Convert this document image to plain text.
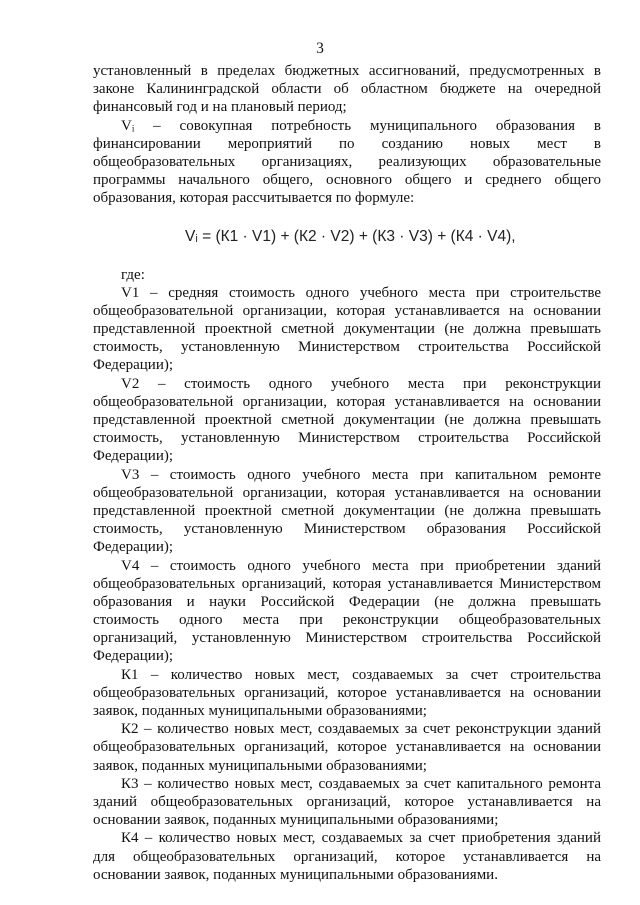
3
установленный в пределах бюджетных ассигнований, предусмотренных в
законе Калининградской области об областном бюджете на очередной
финансовый год и на плановый период;
Vᵢ – совокупная потребность муниципального образования в
финансировании мероприятий по созданию новых мест в
общеобразовательных организациях, реализующих образовательные
программы начального общего, основного общего и среднего общего
образования, которая рассчитывается по формуле:
Vᵢ = (К1 · V1) + (К2 · V2) + (К3 · V3) + (К4 · V4),
где:
V1 – средняя стоимость одного учебного места при строительстве
общеобразовательной организации, которая устанавливается на основании
представленной проектной сметной документации (не должна превышать
стоимость, установленную Министерством строительства Российской
Федерации);
V2 – стоимость одного учебного места при реконструкции
общеобразовательной организации, которая устанавливается на основании
представленной проектной сметной документации (не должна превышать
стоимость, установленную Министерством строительства Российской
Федерации);
V3 – стоимость одного учебного места при капитальном ремонте
общеобразовательной организации, которая устанавливается на основании
представленной проектной сметной документации (не должна превышать
стоимость, установленную Министерством образования Российской
Федерации);
V4 – стоимость одного учебного места при приобретении зданий
общеобразовательных организаций, которая устанавливается Министерством
образования и науки Российской Федерации (не должна превышать
стоимость одного места при реконструкции общеобразовательных
организаций, установленную Министерством строительства Российской
Федерации);
К1 – количество новых мест, создаваемых за счет строительства
общеобразовательных организаций, которое устанавливается на основании
заявок, поданных муниципальными образованиями;
К2 – количество новых мест, создаваемых за счет реконструкции зданий
общеобразовательных организаций, которое устанавливается на основании
заявок, поданных муниципальными образованиями;
К3 – количество новых мест, создаваемых за счет капитального ремонта
зданий общеобразовательных организаций, которое устанавливается на
основании заявок, поданных муниципальными образованиями;
К4 – количество новых мест, создаваемых за счет приобретения зданий
для общеобразовательных организаций, которое устанавливается на
основании заявок, поданных муниципальными образованиями.
